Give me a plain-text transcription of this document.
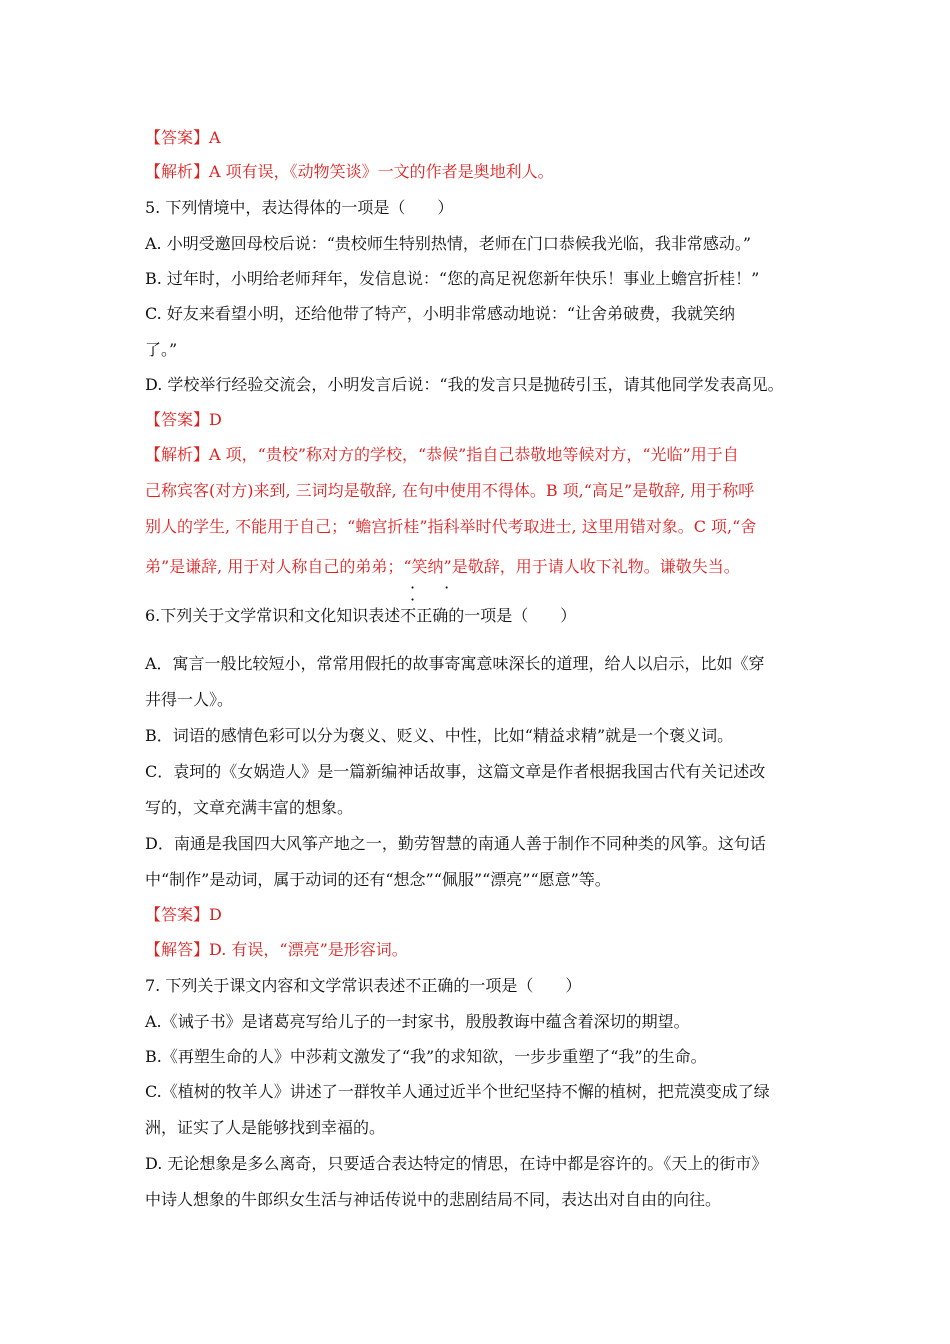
【答案】A
【解析】A 项有误，《动物笑谈》一文的作者是奥地利人。
5. 下列情境中，表达得体的一项是（　　）
A. 小明受邀回母校后说：“贵校师生特别热情，老师在门口恭候我光临，我非常感动。”
B. 过年时，小明给老师拜年，发信息说：“您的高足祝您新年快乐！事业上蟾宫折桂！”
C. 好友来看望小明，还给他带了特产，小明非常感动地说：“让舍弟破费，我就笑纳
了。”
D. 学校举行经验交流会，小明发言后说：“我的发言只是抛砖引玉，请其他同学发表高见。
【答案】D
【解析】A 项，“贵校”称对方的学校，“恭候”指自己恭敬地等候对方，“光临”用于自
己称宾客(对方)来到, 三词均是敬辞, 在句中使用不得体。B 项,“高足”是敬辞, 用于称呼
别人的学生, 不能用于自己；“蟾宫折桂”指科举时代考取进士, 这里用错对象。C 项,“舍
弟”是谦辞, 用于对人称自己的弟弟；“笑纳”是敬辞，用于请人收下礼物。谦敬失当。
· · ·
6.下列关于文学常识和文化知识表述不正确的一项是（　　）
A．寓言一般比较短小，常常用假托的故事寄寓意味深长的道理，给人以启示，比如《穿
井得一人》。
B．词语的感情色彩可以分为褒义、贬义、中性，比如“精益求精”就是一个褒义词。
C．袁珂的《女娲造人》是一篇新编神话故事，这篇文章是作者根据我国古代有关记述改
写的，文章充满丰富的想象。
D．南通是我国四大风筝产地之一，勤劳智慧的南通人善于制作不同种类的风筝。这句话
中“制作”是动词，属于动词的还有“想念”“佩服”“漂亮”“愿意”等。
【答案】D
【解答】D. 有误，“漂亮”是形容词。
7. 下列关于课文内容和文学常识表述不正确的一项是（　　）
A.《诫子书》是诸葛亮写给儿子的一封家书，殷殷教诲中蕴含着深切的期望。
B.《再塑生命的人》中莎莉文激发了“我”的求知欲，一步步重塑了“我”的生命。
C.《植树的牧羊人》讲述了一群牧羊人通过近半个世纪坚持不懈的植树，把荒漠变成了绿
洲，证实了人是能够找到幸福的。
D. 无论想象是多么离奇，只要适合表达特定的情思，在诗中都是容许的。《天上的街市》
中诗人想象的牛郎织女生活与神话传说中的悲剧结局不同，表达出对自由的向往。
